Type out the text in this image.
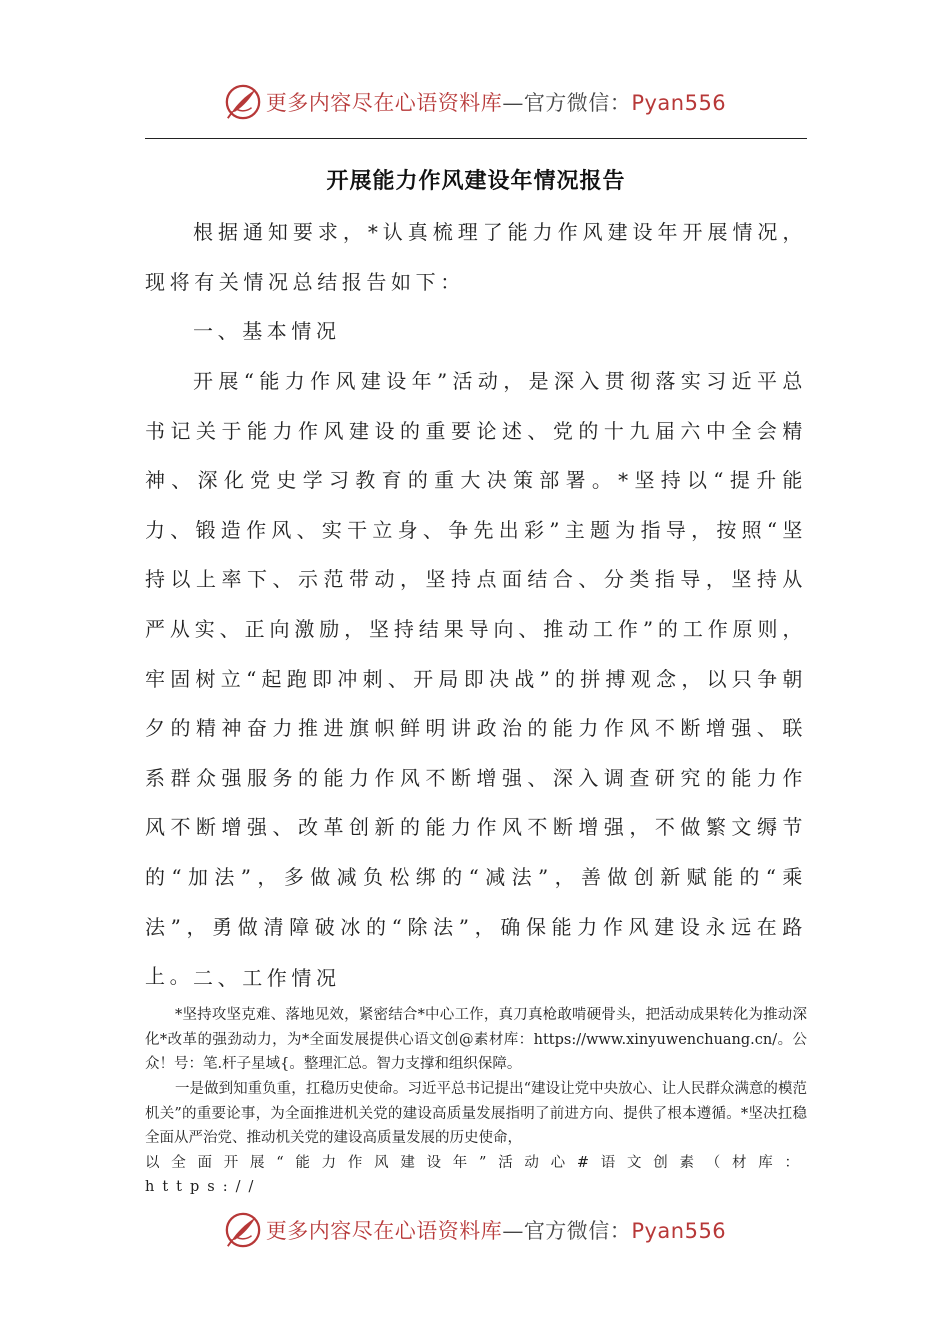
更多内容尽在心语资料库—官方微信：Pyan556
开展能力作风建设年情况报告
根据通知要求，*认真梳理了能力作风建设年开展情况，现将有关情况总结报告如下：
一、基本情况
开展“能力作风建设年”活动，是深入贯彻落实习近平总书记关于能力作风建设的重要论述、党的十九届六中全会精神、深化党史学习教育的重大决策部署。*坚持以“提升能力、锻造作风、实干立身、争先出彩”主题为指导，按照“坚持以上率下、示范带动，坚持点面结合、分类指导，坚持从严从实、正向激励，坚持结果导向、推动工作”的工作原则，牢固树立“起跑即冲刺、开局即决战”的拼搏观念，以只争朝夕的精神奋力推进旗帜鲜明讲政治的能力作风不断增强、联系群众强服务的能力作风不断增强、深入调查研究的能力作风不断增强、改革创新的能力作风不断增强，不做繁文缛节的“加法”，多做减负松绑的“减法”，善做创新赋能的“乘法”，勇做清障破冰的“除法”，确保能力作风建设永远在路上。
二、工作情况
*坚持攻坚克难、落地见效，紧密结合*中心工作，真刀真枪敢啃硬骨头，把活动成果转化为推动深化*改革的强劲动力，为*全面发展提供心语文创@素材库：https://www.xinyuwenchuang.cn/。公众！号：笔.杆子星域{。整理汇总。智力支撑和组织保障。
一是做到知重负重，扛稳历史使命。习近平总书记提出“建设让党中央放心、让人民群众满意的模范机关”的重要论事，为全面推进机关党的建设高质量发展指明了前进方向、提供了根本遵循。*坚决扛稳全面从严治党、推动机关党的建设高质量发展的历史使命，
以全面开展“能力作风建设年”活动心#语文创素（材库：https://
更多内容尽在心语资料库—官方微信：Pyan556
